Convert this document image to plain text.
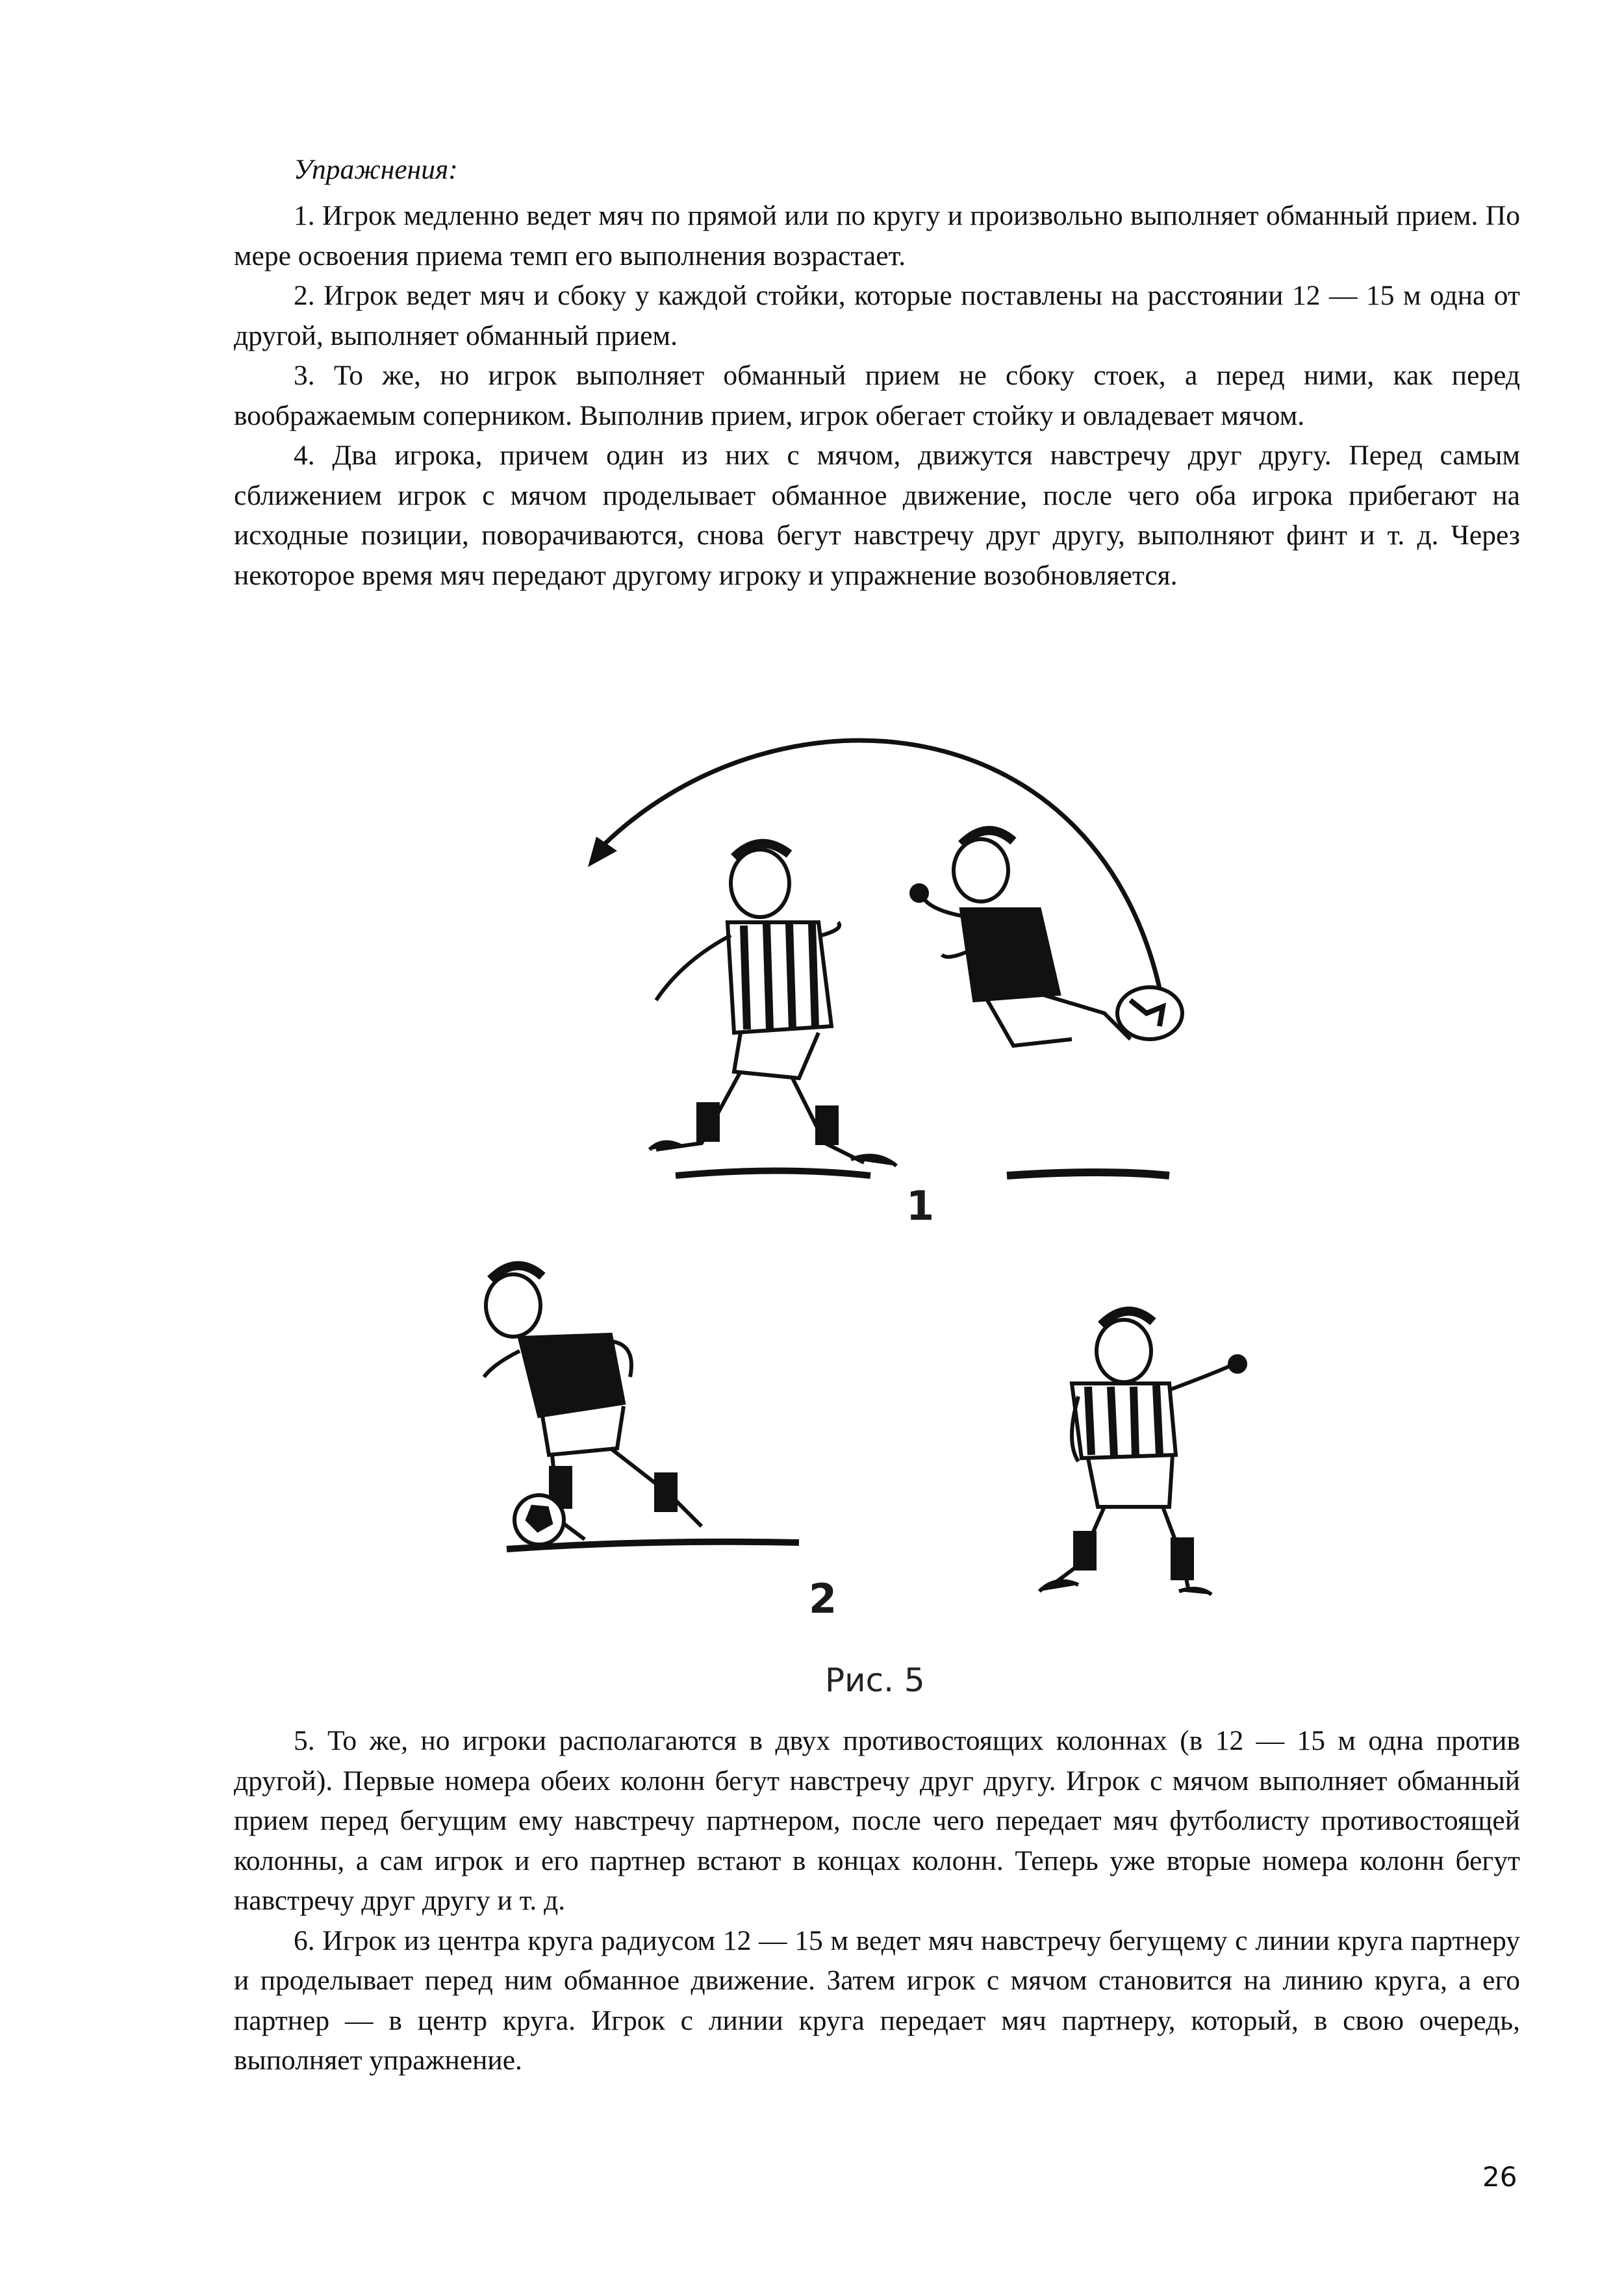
Упражнения:

1. Игрок медленно ведет мяч по прямой или по кругу и произвольно выполняет обманный прием. По мере освоения приема темп его выполнения возрастает.

2. Игрок ведет мяч и сбоку у каждой стойки, которые поставлены на расстоянии 12 — 15 м одна от другой, выполняет обманный прием.

3. То же, но игрок выполняет обманный прием не сбоку стоек, а перед ними, как перед воображаемым соперником. Выполнив прием, игрок обегает стойку и овладевает мячом.

4. Два игрока, причем один из них с мячом, движутся навстречу друг другу. Перед самым сближением игрок с мячом проделывает обманное движение, после чего оба игрока прибегают на исходные позиции, поворачиваются, снова бегут навстречу друг другу, выполняют финт и т. д. Через некоторое время мяч передают другому игроку и упражнение возобновляется.

1
2
Рис. 5

5. То же, но игроки располагаются в двух противостоящих колоннах (в 12 — 15 м одна против другой). Первые номера обеих колонн бегут навстречу друг другу. Игрок с мячом выполняет обманный прием перед бегущим ему навстречу партнером, после чего передает мяч футболисту противостоящей колонны, а сам игрок и его партнер встают в концах колонн. Теперь уже вторые номера колонн бегут навстречу друг другу и т. д.

6. Игрок из центра круга радиусом 12 — 15 м ведет мяч навстречу бегущему с линии круга партнеру и проделывает перед ним обманное движение. Затем игрок с мячом становится на линию круга, а его партнер — в центр круга. Игрок с линии круга передает мяч партнеру, который, в свою очередь, выполняет упражнение.

26
